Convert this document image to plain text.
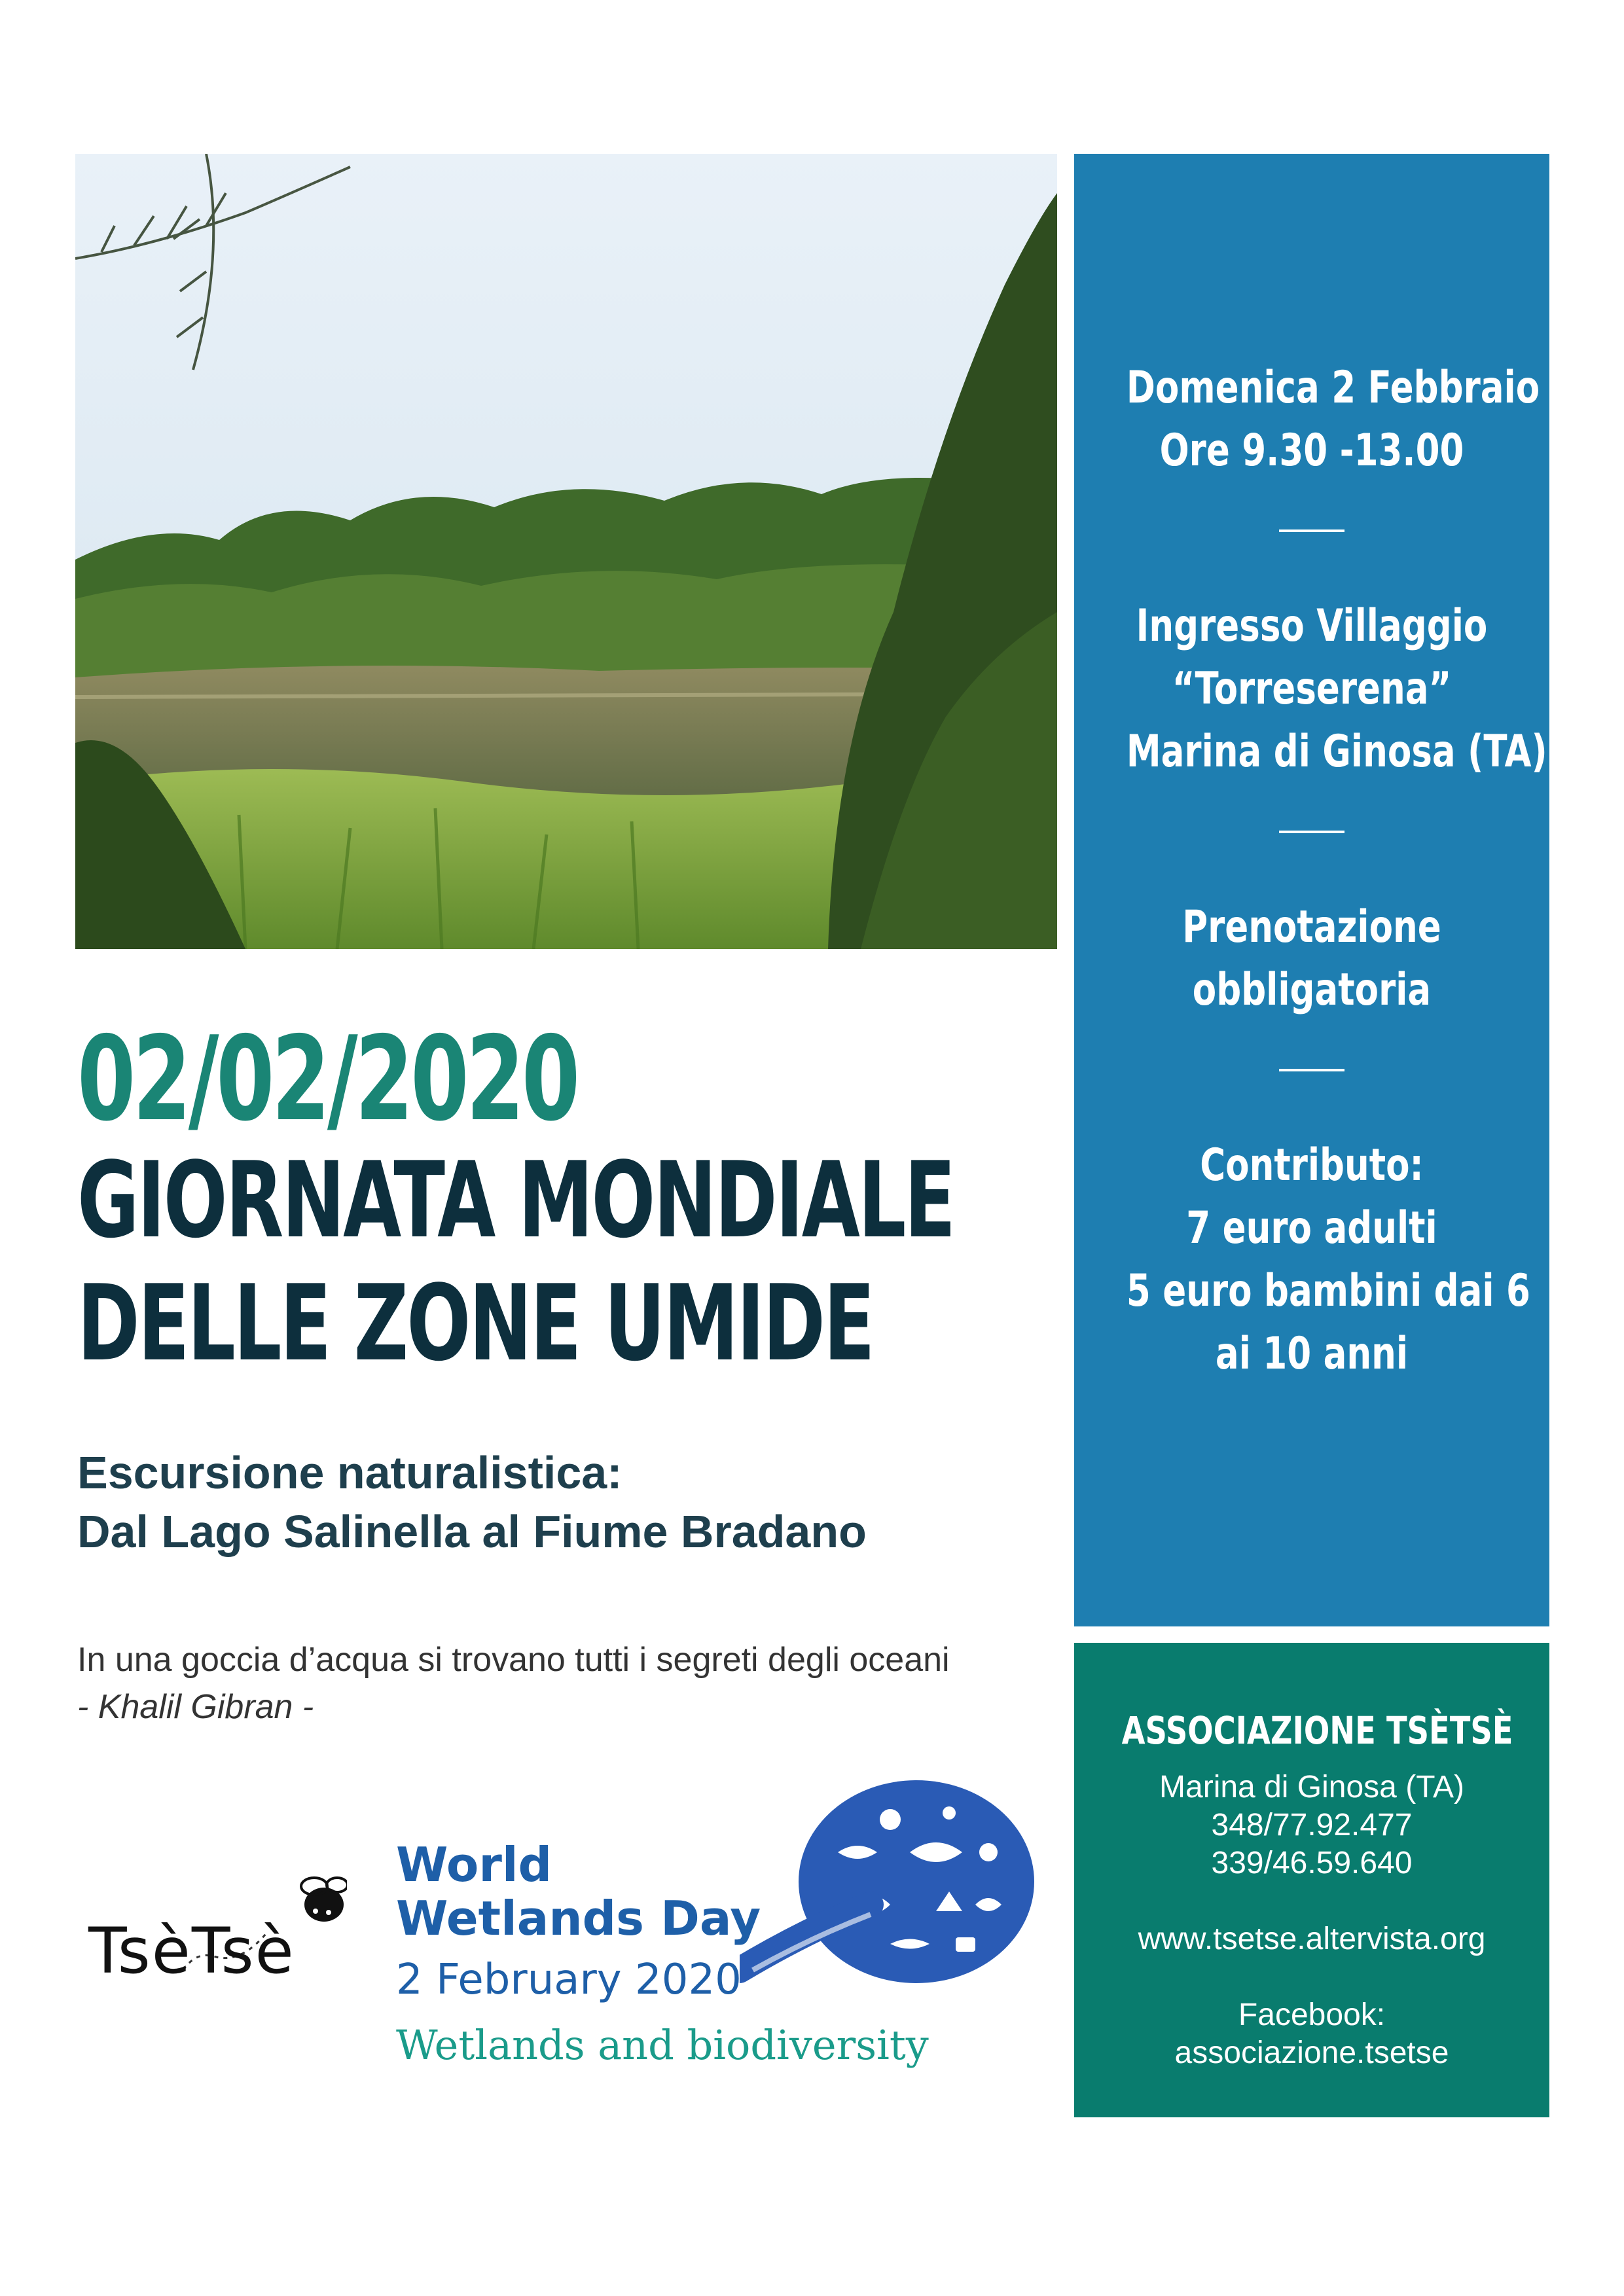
02/02/2020
GIORNATA MONDIALE
DELLE ZONE UMIDE
Escursione naturalistica:
Dal Lago Salinella al Fiume Bradano
In una goccia d’acqua si trovano tutti i segreti degli oceani
- Khalil Gibran -
Domenica 2 Febbraio
Ore 9.30 -13.00
Ingresso Villaggio
“Torreserena”
Marina di Ginosa (TA)
Prenotazione
obbligatoria
Contributo:
7 euro adulti
5 euro bambini dai 6
ai 10 anni
ASSOCIAZIONE TSÈTSÈ
Marina di Ginosa (TA)
348/77.92.477
339/46.59.640
www.tsetse.altervista.org
Facebook:
associazione.tsetse
TsèTsè
World
Wetlands Day
2 February 2020
Wetlands and biodiversity
